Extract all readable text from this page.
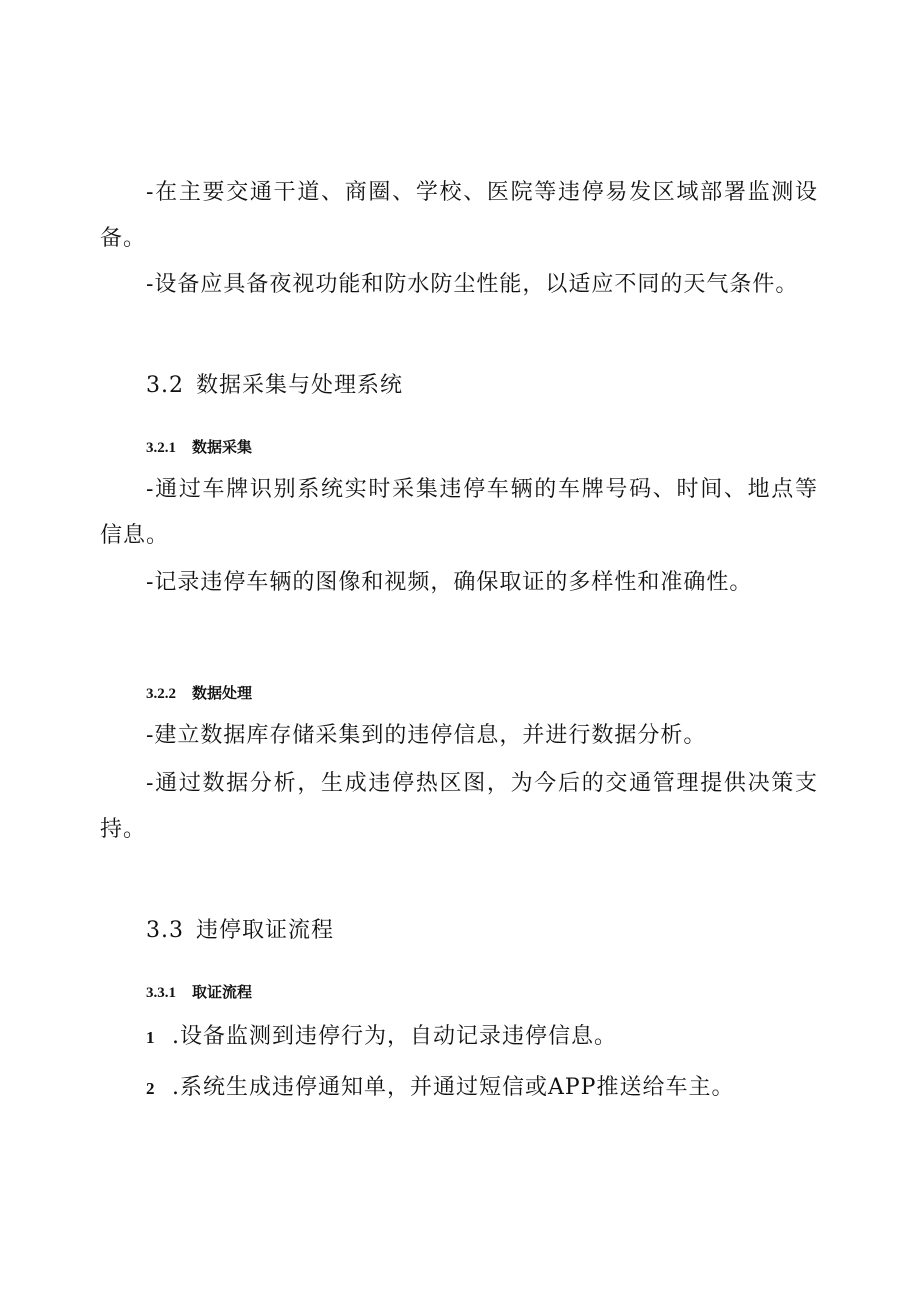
-在主要交通干道、商圈、学校、医院等违停易发区域部署监测设备。

-设备应具备夜视功能和防水防尘性能，以适应不同的天气条件。

3.2 数据采集与处理系统
3.2.1 数据采集

-通过车牌识别系统实时采集违停车辆的车牌号码、时间、地点等信息。

-记录违停车辆的图像和视频，确保取证的多样性和准确性。

3.2.2 数据处理

-建立数据库存储采集到的违停信息，并进行数据分析。

-通过数据分析，生成违停热区图，为今后的交通管理提供决策支持。

3.3 违停取证流程
3.3.1 取证流程

1 .设备监测到违停行为，自动记录违停信息。

2 .系统生成违停通知单，并通过短信或APP推送给车主。
